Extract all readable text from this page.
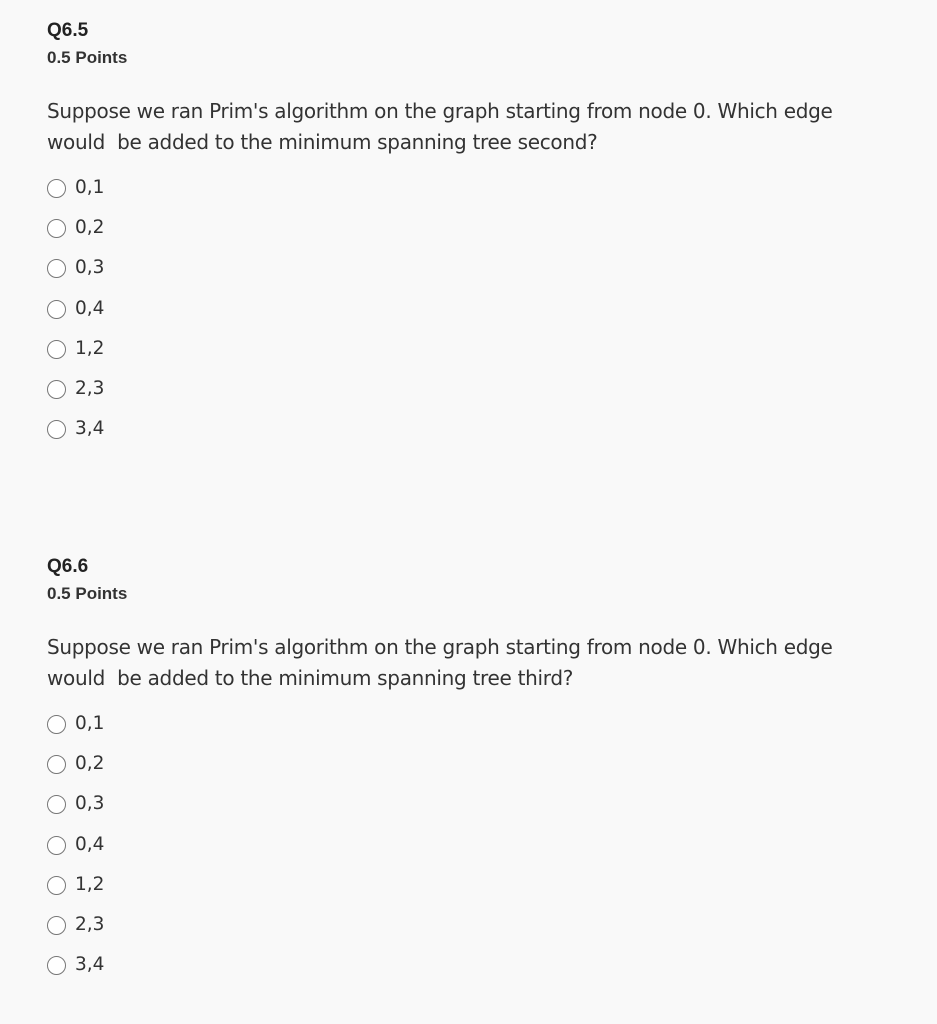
Q6.5
0.5 Points
Suppose we ran Prim's algorithm on the graph starting from node 0. Which edge
would  be added to the minimum spanning tree second?
0,1
0,2
0,3
0,4
1,2
2,3
3,4
Q6.6
0.5 Points
Suppose we ran Prim's algorithm on the graph starting from node 0. Which edge
would  be added to the minimum spanning tree third?
0,1
0,2
0,3
0,4
1,2
2,3
3,4
